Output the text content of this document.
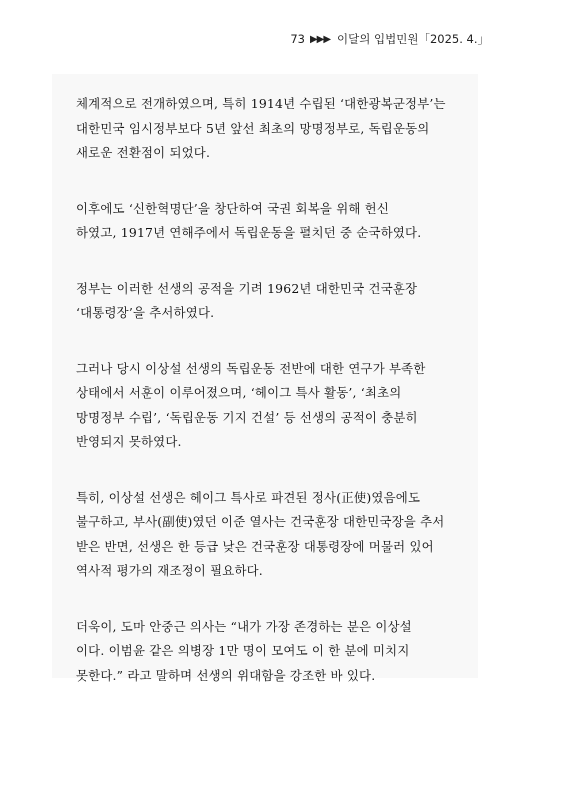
73 ▶▶▶ 이달의 입법민원「2025. 4.」

체계적으로 전개하였으며, 특히 1914년 수립된 ‘대한광복군정부’는
대한민국 임시정부보다 5년 앞선 최초의 망명정부로, 독립운동의
새로운 전환점이 되었다.

이후에도 ‘신한혁명단’을 창단하여 국권 회복을 위해 헌신
하였고, 1917년 연해주에서 독립운동을 펼치던 중 순국하였다.

정부는 이러한 선생의 공적을 기려 1962년 대한민국 건국훈장
‘대통령장’을 추서하였다.

그러나 당시 이상설 선생의 독립운동 전반에 대한 연구가 부족한
상태에서 서훈이 이루어졌으며, ‘헤이그 특사 활동’, ‘최초의
망명정부 수립’, ‘독립운동 기지 건설’ 등 선생의 공적이 충분히
반영되지 못하였다.

특히, 이상설 선생은 헤이그 특사로 파견된 정사(正使)였음에도
불구하고, 부사(副使)였던 이준 열사는 건국훈장 대한민국장을 추서
받은 반면, 선생은 한 등급 낮은 건국훈장 대통령장에 머물러 있어
역사적 평가의 재조정이 필요하다.

더욱이, 도마 안중근 의사는 “내가 가장 존경하는 분은 이상설
이다. 이범윤 같은 의병장 1만 명이 모여도 이 한 분에 미치지
못한다.” 라고 말하며 선생의 위대함을 강조한 바 있다.
